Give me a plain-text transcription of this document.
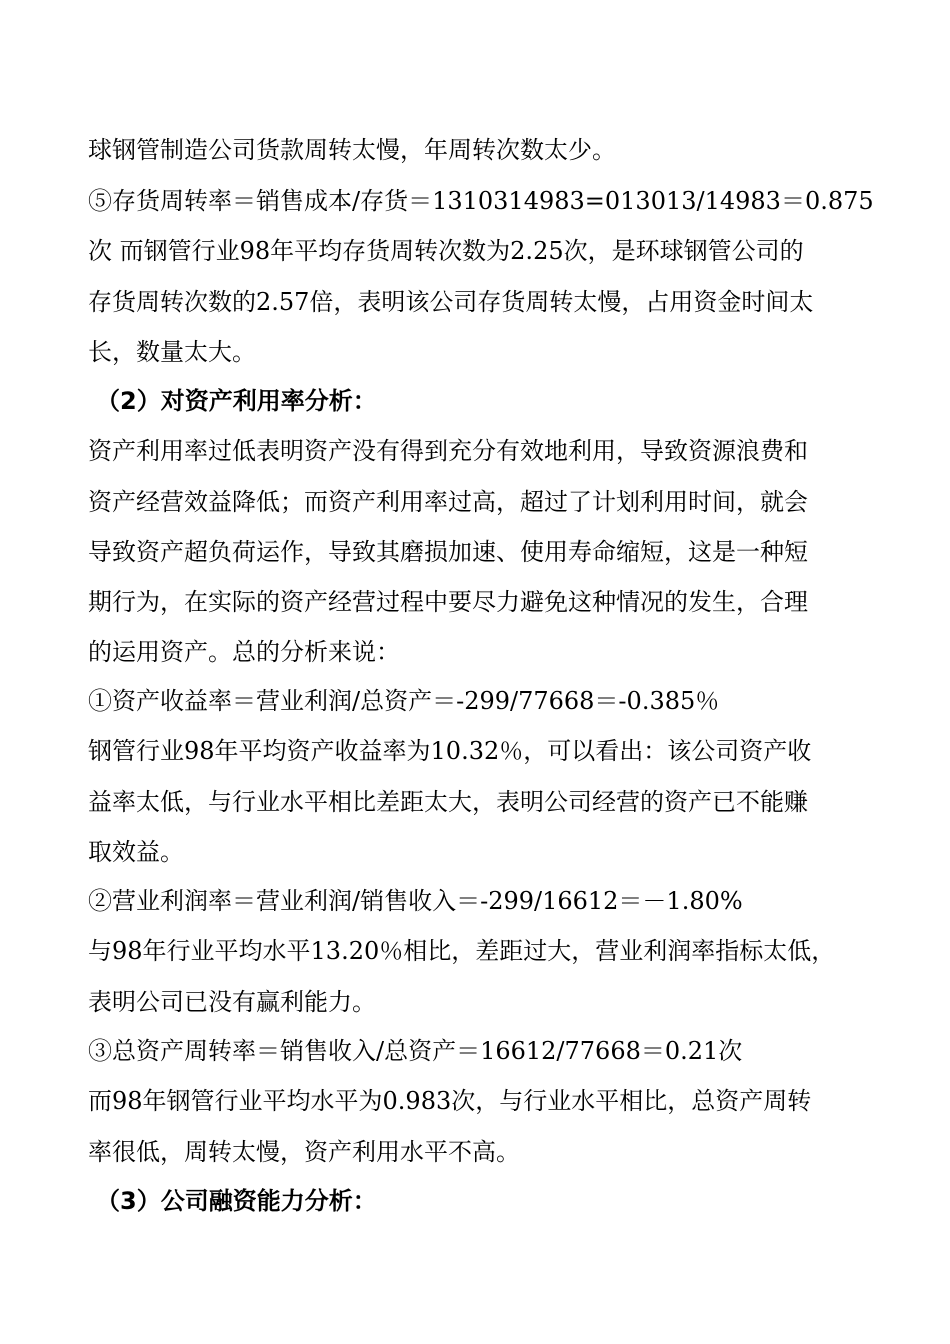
球钢管制造公司货款周转太慢，年周转次数太少。
⑤存货周转率＝销售成本/存货＝1310314983=013013/14983＝0.875
次 而钢管行业98年平均存货周转次数为2.25次，是环球钢管公司的
存货周转次数的2.57倍，表明该公司存货周转太慢，占用资金时间太
长，数量太大。
（2）对资产利用率分析：
资产利用率过低表明资产没有得到充分有效地利用，导致资源浪费和
资产经营效益降低；而资产利用率过高，超过了计划利用时间，就会
导致资产超负荷运作，导致其磨损加速、使用寿命缩短，这是一种短
期行为，在实际的资产经营过程中要尽力避免这种情况的发生，合理
的运用资产。总的分析来说：
①资产收益率＝营业利润/总资产＝-299/77668＝-0.385％
钢管行业98年平均资产收益率为10.32％，可以看出：该公司资产收
益率太低，与行业水平相比差距太大，表明公司经营的资产已不能赚
取效益。
②营业利润率＝营业利润/销售收入＝-299/16612＝－1.80%
与98年行业平均水平13.20％相比，差距过大，营业利润率指标太低，
表明公司已没有赢利能力。
③总资产周转率＝销售收入/总资产＝16612/77668＝0.21次
而98年钢管行业平均水平为0.983次，与行业水平相比，总资产周转
率很低，周转太慢，资产利用水平不高。
（3）公司融资能力分析：
